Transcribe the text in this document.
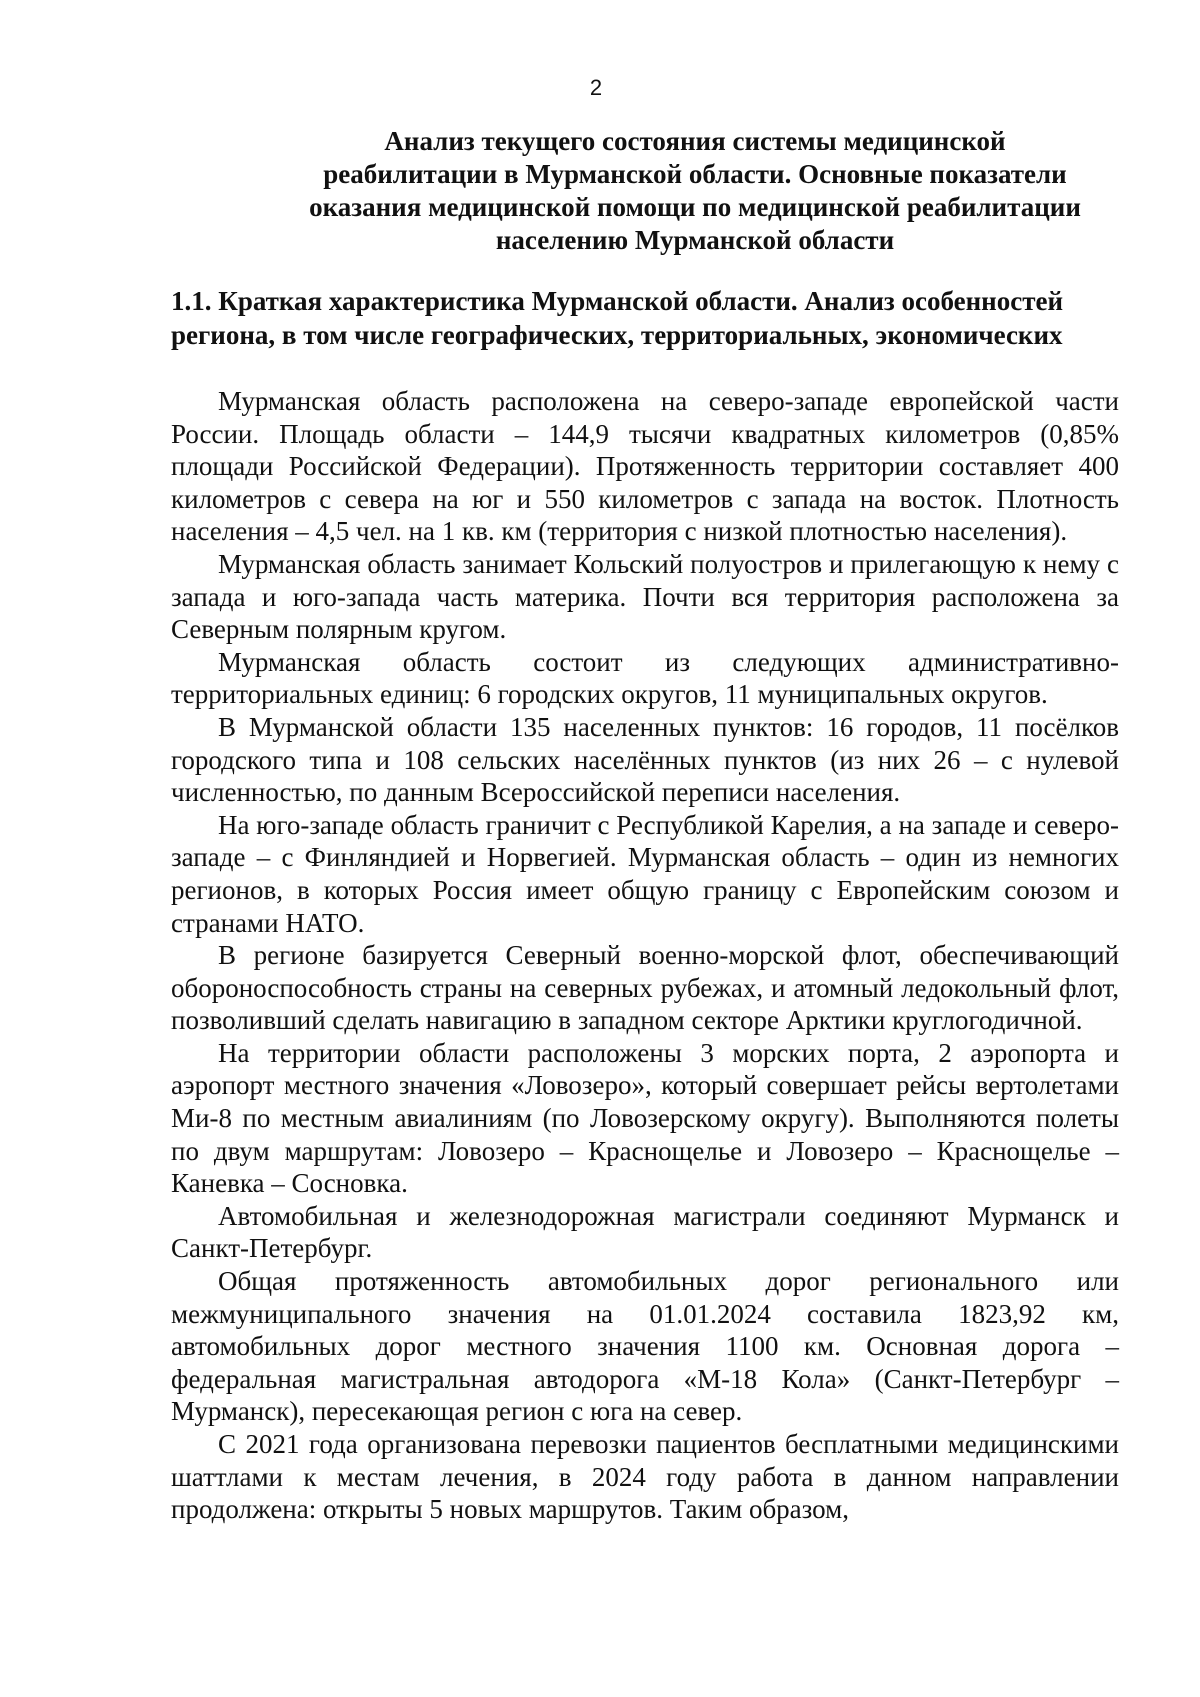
2
Анализ текущего состояния системы медицинской
реабилитации в Мурманской области. Основные показатели
оказания медицинской помощи по медицинской реабилитации
населению Мурманской области
1.1. Краткая характеристика Мурманской области. Анализ особенностей
региона, в том числе географических, территориальных, экономических

Мурманская область расположена на северо-западе европейской части России. Площадь области – 144,9 тысячи квадратных километров (0,85% площади Российской Федерации). Протяженность территории составляет 400 километров с севера на юг и 550 километров с запада на восток. Плотность населения – 4,5 чел. на 1 кв. км (территория с низкой плотностью населения).

Мурманская область занимает Кольский полуостров и прилегающую к нему с запада и юго-запада часть материка. Почти вся территория расположена за Северным полярным кругом.

Мурманская область состоит из следующих административно-территориальных единиц: 6 городских округов, 11 муниципальных округов.

В Мурманской области 135 населенных пунктов: 16 городов, 11 посёлков городского типа и 108 сельских населённых пунктов (из них 26 – с нулевой численностью, по данным Всероссийской переписи населения.

На юго-западе область граничит с Республикой Карелия, а на западе и северо-западе – с Финляндией и Норвегией. Мурманская область – один из немногих регионов, в которых Россия имеет общую границу с Европейским союзом и странами НАТО.

В регионе базируется Северный военно-морской флот, обеспечивающий обороноспособность страны на северных рубежах, и атомный ледокольный флот, позволивший сделать навигацию в западном секторе Арктики круглогодичной.

На территории области расположены 3 морских порта, 2 аэропорта и аэропорт местного значения «Ловозеро», который совершает рейсы вертолетами Ми-8 по местным авиалиниям (по Ловозерскому округу). Выполняются полеты по двум маршрутам: Ловозеро – Краснощелье и Ловозеро – Краснощелье – Каневка – Сосновка.

Автомобильная и железнодорожная магистрали соединяют Мурманск и Санкт-Петербург.

Общая протяженность автомобильных дорог регионального или межмуниципального значения на 01.01.2024 составила 1823,92 км, автомобильных дорог местного значения 1100 км. Основная дорога – федеральная магистральная автодорога «М-18 Кола» (Санкт-Петербург – Мурманск), пересекающая регион с юга на север.

С 2021 года организована перевозки пациентов бесплатными медицинскими шаттлами к местам лечения, в 2024 году работа в данном направлении продолжена: открыты 5 новых маршрутов. Таким образом,
